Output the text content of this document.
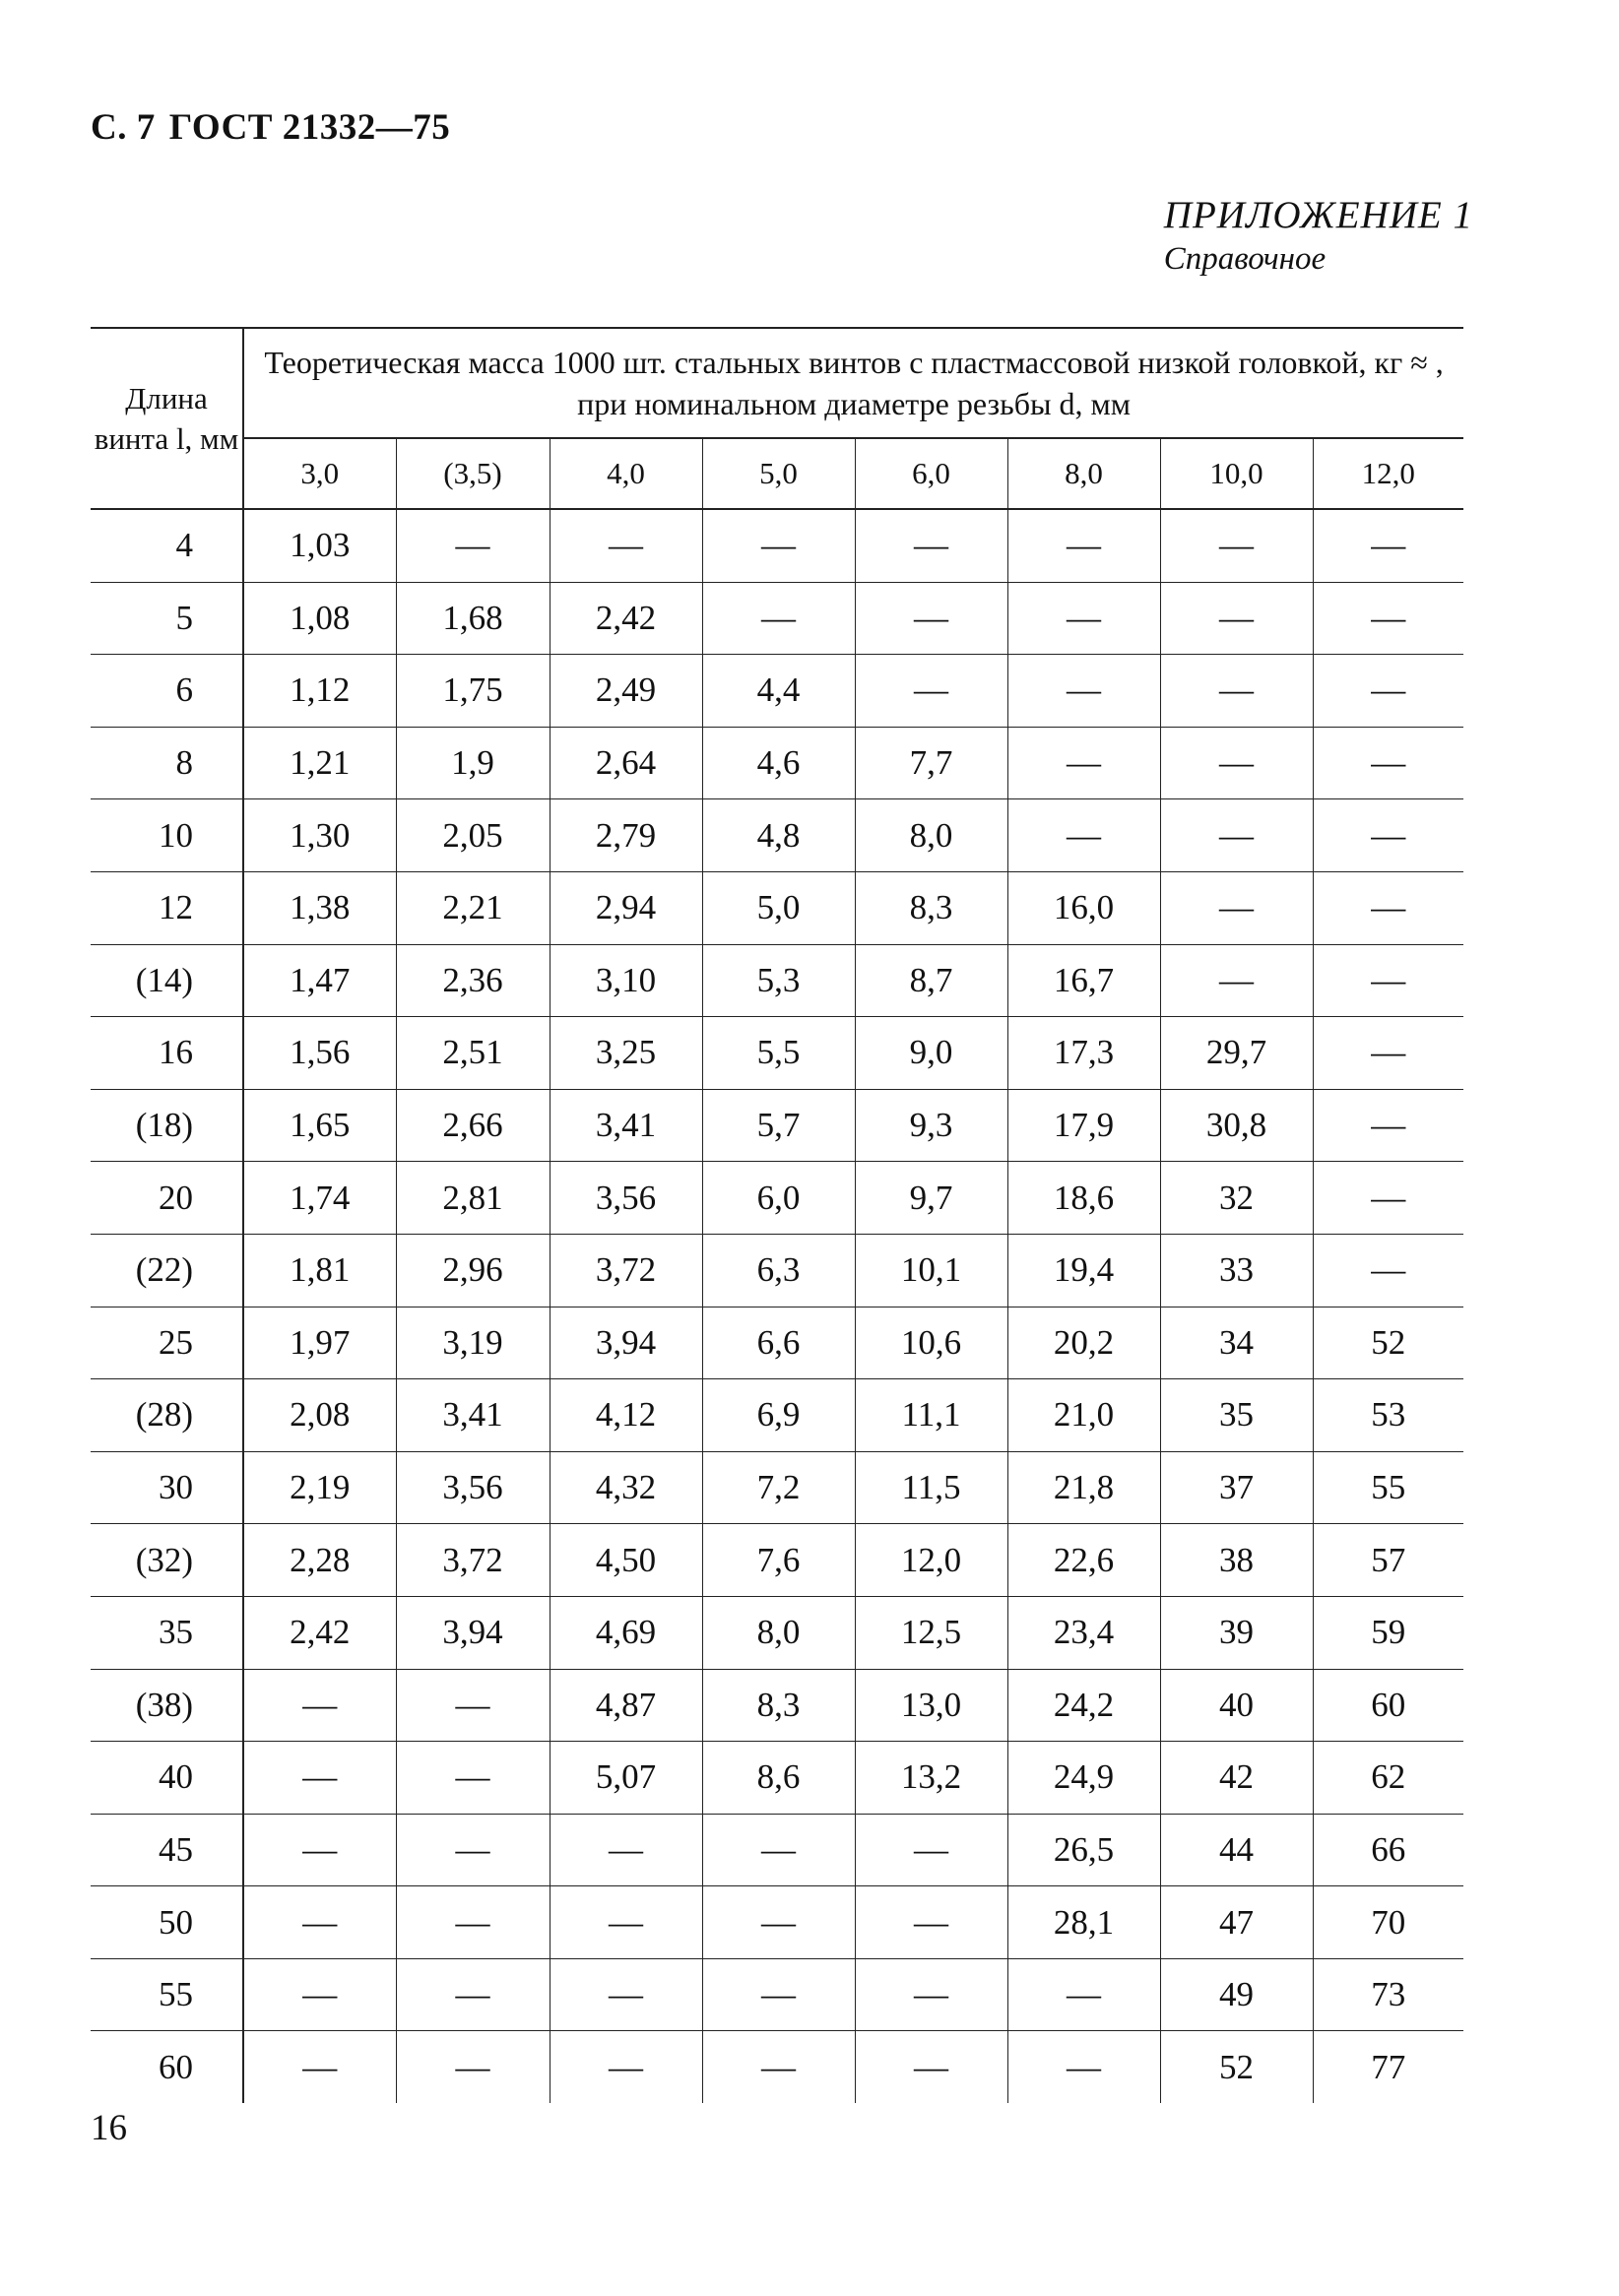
С. 7 ГОСТ 21332—75
ПРИЛОЖЕНИЕ 1
Справочное
Длина винта l, мм	Теоретическая масса 1000 шт. стальных винтов с пластмассовой низкой головкой, кг ≈ , при номинальном диаметре резьбы d, мм							
	3,0	(3,5)	4,0	5,0	6,0	8,0	10,0	12,0
4	1,03	—	—	—	—	—	—	—
5	1,08	1,68	2,42	—	—	—	—	—
6	1,12	1,75	2,49	4,4	—	—	—	—
8	1,21	1,9	2,64	4,6	7,7	—	—	—
10	1,30	2,05	2,79	4,8	8,0	—	—	—
12	1,38	2,21	2,94	5,0	8,3	16,0	—	—
(14)	1,47	2,36	3,10	5,3	8,7	16,7	—	—
16	1,56	2,51	3,25	5,5	9,0	17,3	29,7	—
(18)	1,65	2,66	3,41	5,7	9,3	17,9	30,8	—
20	1,74	2,81	3,56	6,0	9,7	18,6	32	—
(22)	1,81	2,96	3,72	6,3	10,1	19,4	33	—
25	1,97	3,19	3,94	6,6	10,6	20,2	34	52
(28)	2,08	3,41	4,12	6,9	11,1	21,0	35	53
30	2,19	3,56	4,32	7,2	11,5	21,8	37	55
(32)	2,28	3,72	4,50	7,6	12,0	22,6	38	57
35	2,42	3,94	4,69	8,0	12,5	23,4	39	59
(38)	—	—	4,87	8,3	13,0	24,2	40	60
40	—	—	5,07	8,6	13,2	24,9	42	62
45	—	—	—	—	—	26,5	44	66
50	—	—	—	—	—	28,1	47	70
55	—	—	—	—	—	—	49	73
60	—	—	—	—	—	—	52	77
16
